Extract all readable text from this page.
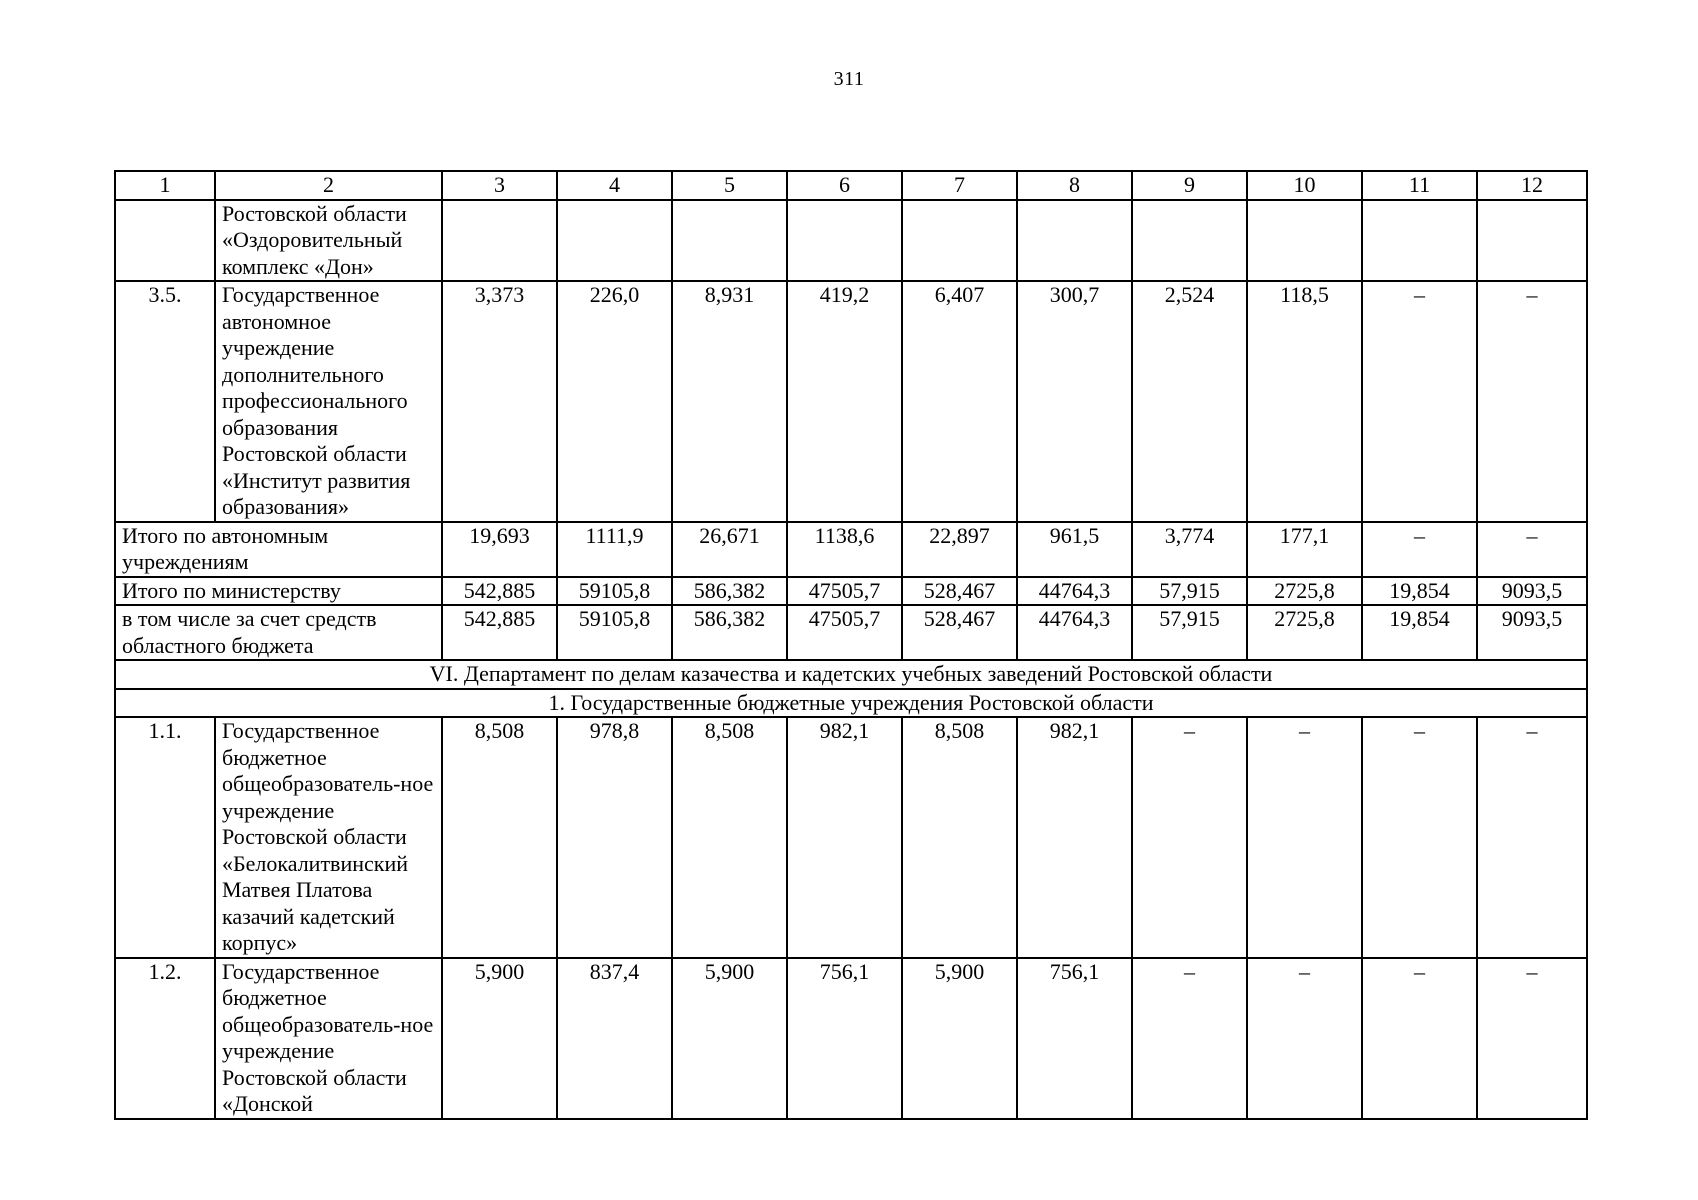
311
1	2	3	4	5	6	7	8	9	10	11	12
	Ростовской области «Оздоровительный комплекс «Дон»										
3.5.	Государственное автономное учреждение дополнительного профессионального образования Ростовской области «Институт развития образования»	3,373	226,0	8,931	419,2	6,407	300,7	2,524	118,5	–	–
Итого по автономным учреждениям		19,693	1111,9	26,671	1138,6	22,897	961,5	3,774	177,1	–	–
Итого по министерству		542,885	59105,8	586,382	47505,7	528,467	44764,3	57,915	2725,8	19,854	9093,5
в том числе за счет средств областного бюджета		542,885	59105,8	586,382	47505,7	528,467	44764,3	57,915	2725,8	19,854	9093,5
VI. Департамент по делам казачества и кадетских учебных заведений Ростовской области											
1. Государственные бюджетные учреждения Ростовской области											
1.1.	Государственное бюджетное общеобразователь-ное учреждение Ростовской области «Белокалитвинский Матвея Платова казачий кадетский корпус»	8,508	978,8	8,508	982,1	8,508	982,1	–	–	–	–
1.2.	Государственное бюджетное общеобразователь-ное учреждение Ростовской области «Донской	5,900	837,4	5,900	756,1	5,900	756,1	–	–	–	–
